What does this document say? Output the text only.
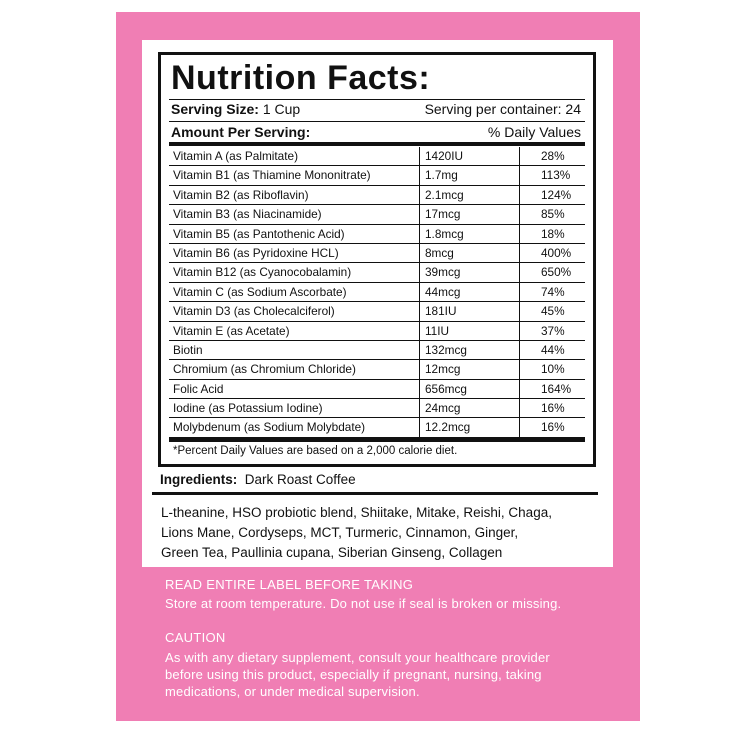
Nutrition Facts:
Serving Size: 1 Cup	Serving per container: 24
Amount Per Serving:	% Daily Values
Vitamin A (as Palmitate)	1420IU	28%
Vitamin B1 (as Thiamine Mononitrate)	1.7mg	113%
Vitamin B2 (as Riboflavin)	2.1mcg	124%
Vitamin B3 (as Niacinamide)	17mcg	85%
Vitamin B5 (as Pantothenic Acid)	1.8mcg	18%
Vitamin B6 (as Pyridoxine HCL)	8mcg	400%
Vitamin B12 (as Cyanocobalamin)	39mcg	650%
Vitamin C (as Sodium Ascorbate)	44mcg	74%
Vitamin D3 (as Cholecalciferol)	181IU	45%
Vitamin E (as Acetate)	11IU	37%
Biotin	132mcg	44%
Chromium (as Chromium Chloride)	12mcg	10%
Folic Acid	656mcg	164%
Iodine (as Potassium Iodine)	24mcg	16%
Molybdenum (as Sodium Molybdate)	12.2mcg	16%
*Percent Daily Values are based on a 2,000 calorie diet.
Ingredients: Dark Roast Coffee
L-theanine, HSO probiotic blend, Shiitake, Mitake, Reishi, Chaga,
Lions Mane, Cordyseps, MCT, Turmeric, Cinnamon, Ginger,
Green Tea, Paullinia cupana, Siberian Ginseng, Collagen
READ ENTIRE LABEL BEFORE TAKING
Store at room temperature. Do not use if seal is broken or missing.
CAUTION
As with any dietary supplement, consult your healthcare provider
before using this product, especially if pregnant, nursing, taking
medications, or under medical supervision.
